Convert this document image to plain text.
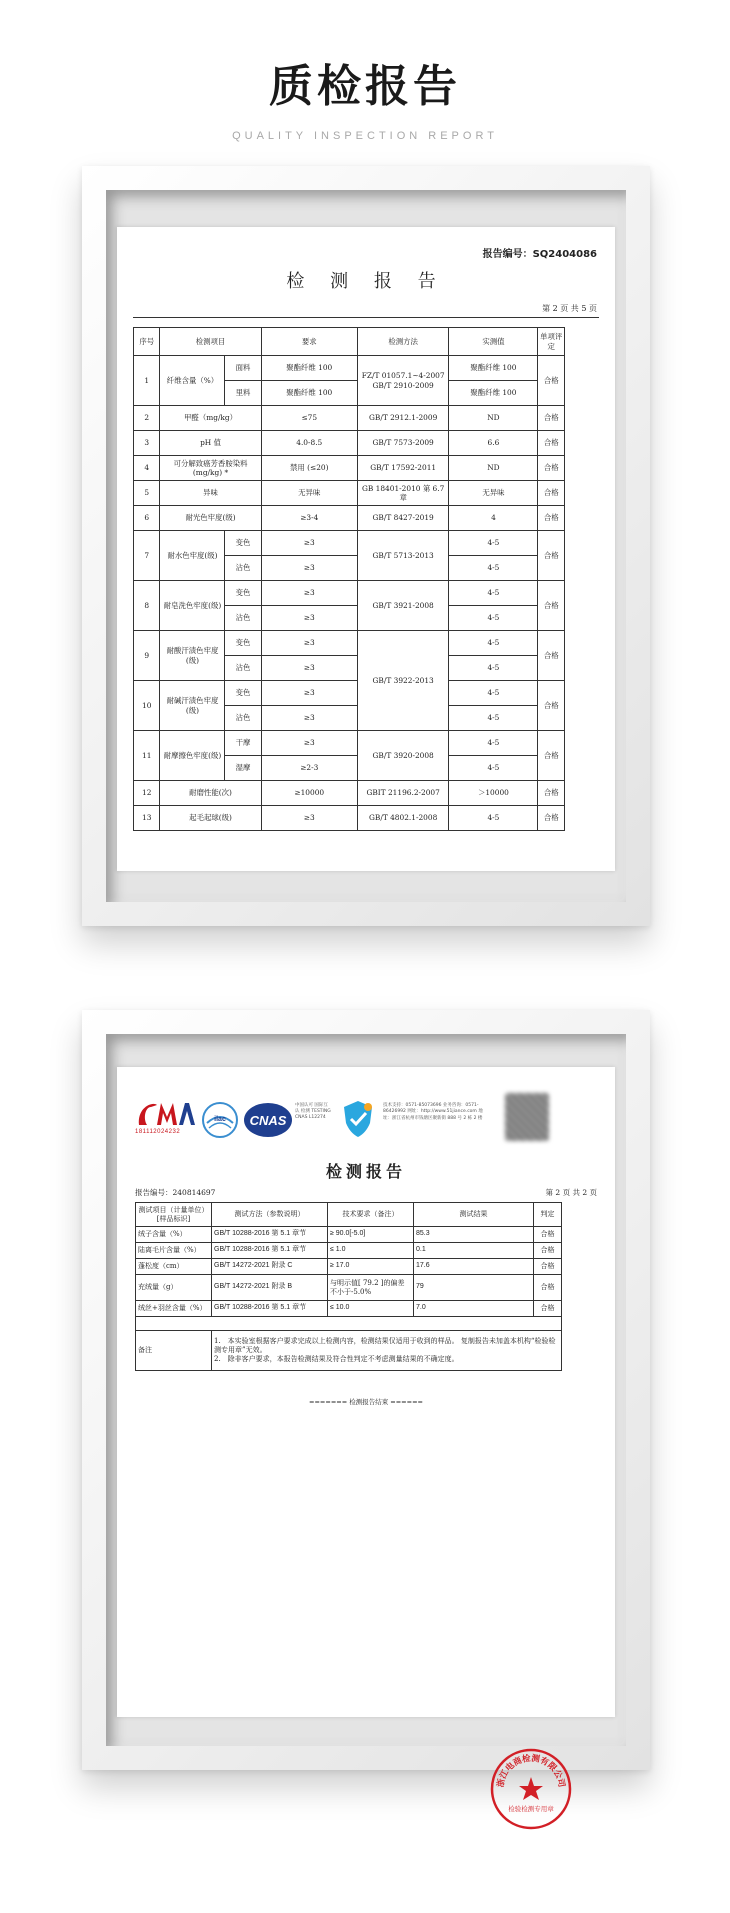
质检报告
QUALITY INSPECTION REPORT
报告编号：SQ2404086
检 测 报 告
第 2 页 共 5 页
序号	检测项目		要求	检测方法	实测值	单项评定
1	纤维含量（%）	面料	聚酯纤维 100	FZ/T 01057.1~4-2007 GB/T 2910-2009	聚酯纤维 100	合格
		里料	聚酯纤维 100		聚酯纤维 100	
2	甲醛（mg/kg）		≤75	GB/T 2912.1-2009	ND	合格
3	pH 值		4.0-8.5	GB/T 7573-2009	6.6	合格
4	可分解致癌芳香胺染料 (mg/kg) *		禁用 (≤20)	GB/T 17592-2011	ND	合格
5	异味		无异味	GB 18401-2010 第 6.7 章	无异味	合格
6	耐光色牢度(级)		≥3-4	GB/T 8427-2019	4	合格
7	耐水色牢度(级)	变色	≥3	GB/T 5713-2013	4-5	合格
		沾色	≥3		4-5	
8	耐皂洗色牢度(级)	变色	≥3	GB/T 3921-2008	4-5	合格
		沾色	≥3		4-5	
9	耐酸汗渍色牢度(级)	变色	≥3	GB/T 3922-2013	4-5	合格
		沾色	≥3		4-5	
10	耐碱汗渍色牢度(级)	变色	≥3		4-5	合格
		沾色	≥3		4-5	
11	耐摩擦色牢度(级)	干摩	≥3	GB/T 3920-2008	4-5	合格
		湿摩	≥2-3		4-5	
12	耐磨性能(次)		≥10000	GBIT 21196.2-2007	＞10000	合格
13	起毛起球(级)		≥3	GB/T 4802.1-2008	4-5	合格
181112024232
ilac CNAS
中国认可 国际互认 检测 TESTING CNAS L12274
技术支持：0571-85073696 业务咨询：0571-86426992 网址：http://www.51jiance.com 地址：浙江省杭州市钱塘区聚新街 888 号 2 栋 2 楼
检测报告
报告编号：240814697	第 2 页 共 2 页
测试项目（计量单位）[样品标识]	测试方法（参数说明）	技术要求（备注）	测试结果	判定
绒子含量（%）	GB/T 10288-2016 第 5.1 章节	≥ 90.0[-5.0]	85.3	合格
陆离毛片含量（%）	GB/T 10288-2016 第 5.1 章节	≤ 1.0	0.1	合格
蓬松度（cm）	GB/T 14272-2021 附录 C	≥ 17.0	17.6	合格
充绒量（g）	GB/T 14272-2021 附录 B	与明示值[ 79.2 ]的偏差不小于-5.0%	79	合格
绒丝+羽丝含量（%）	GB/T 10288-2016 第 5.1 章节	≤ 10.0	7.0	合格

备注	1.　本实验室根据客户要求完成以上检测内容，检测结果仅适用于收到的样品。 复制报告未加盖本机构“检验检测专用章”无效。
2.　除非客户要求，本报告检测结果及符合性判定不考虑测量结果的不确定度。			
======= 检测报告结束 ======
浙江电商检测有限公司
检验检测专用章
